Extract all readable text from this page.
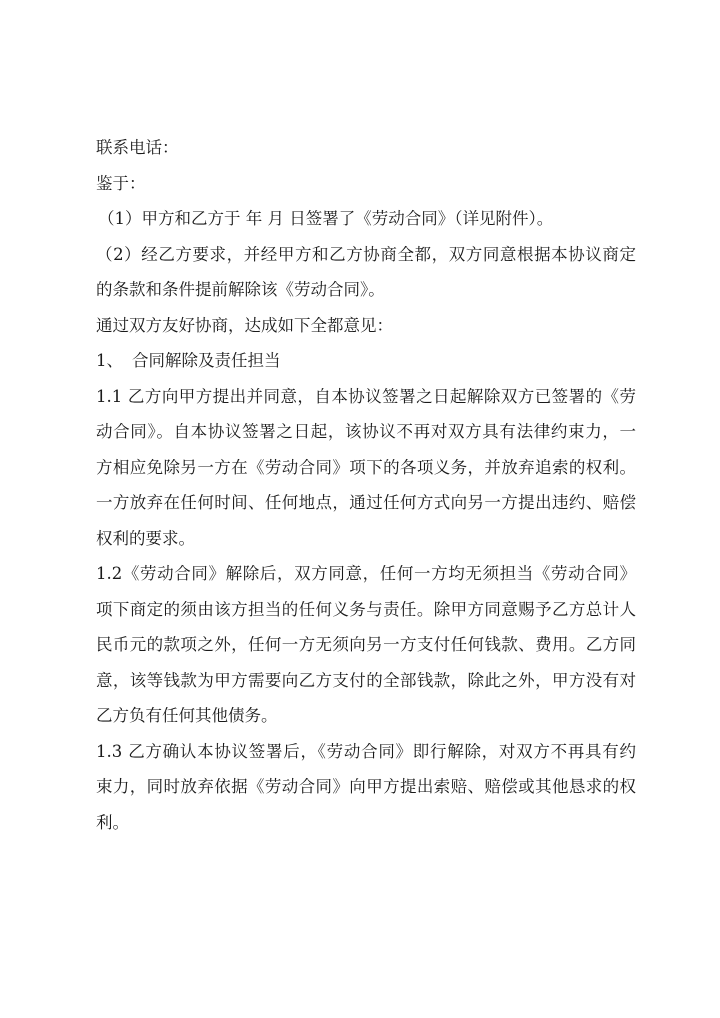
联系电话：
鉴于：
（1）甲方和乙方于 年 月 日签署了《劳动合同》（详见附件）。
（2）经乙方要求，并经甲方和乙方协商全都，双方同意根据本协议商定
的条款和条件提前解除该《劳动合同》。
通过双方友好协商，达成如下全都意见：
1、 合同解除及责任担当
1.1 乙方向甲方提出并同意，自本协议签署之日起解除双方已签署的《劳
动合同》。自本协议签署之日起，该协议不再对双方具有法律约束力，一
方相应免除另一方在《劳动合同》项下的各项义务，并放弃追索的权利。
一方放弃在任何时间、任何地点，通过任何方式向另一方提出违约、赔偿
权利的要求。
1.2《劳动合同》解除后，双方同意，任何一方均无须担当《劳动合同》
项下商定的须由该方担当的任何义务与责任。除甲方同意赐予乙方总计人
民币元的款项之外，任何一方无须向另一方支付任何钱款、费用。乙方同
意，该等钱款为甲方需要向乙方支付的全部钱款，除此之外，甲方没有对
乙方负有任何其他债务。
1.3 乙方确认本协议签署后，《劳动合同》即行解除，对双方不再具有约
束力，同时放弃依据《劳动合同》向甲方提出索赔、赔偿或其他恳求的权
利。
